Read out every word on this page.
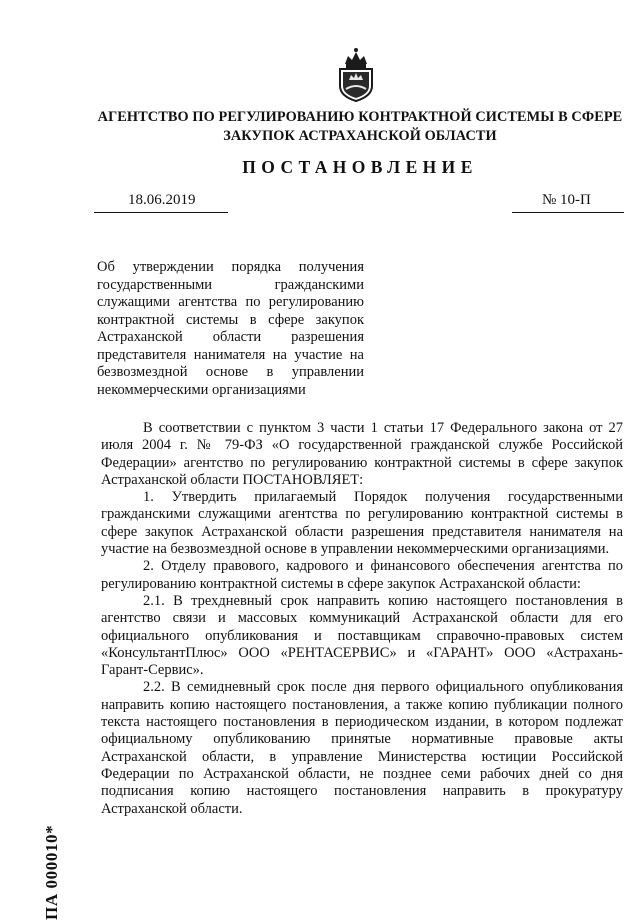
АГЕНТСТВО ПО РЕГУЛИРОВАНИЮ КОНТРАКТНОЙ СИСТЕМЫ В СФЕРЕ
ЗАКУПОК АСТРАХАНСКОЙ ОБЛАСТИ
ПОСТАНОВЛЕНИЕ
18.06.2019	№ 10-П
Об утверждении порядка получения
государственными гражданскими
служащими агентства по регулированию
контрактной системы в сфере закупок
Астраханской области разрешения
представителя нанимателя на участие на
безвозмездной основе в управлении
некоммерческими организациями

В соответствии с пунктом 3 части 1 статьи 17 Федерального закона от 27 июля 2004 г. № 79-ФЗ «О государственной гражданской службе Российской Федерации» агентство по регулированию контрактной системы в сфере закупок Астраханской области ПОСТАНОВЛЯЕТ:

1. Утвердить прилагаемый Порядок получения государственными гражданскими служащими агентства по регулированию контрактной системы в сфере закупок Астраханской области разрешения представителя нанимателя на участие на безвозмездной основе в управлении некоммерческими организациями.

2. Отделу правового, кадрового и финансового обеспечения агентства по регулированию контрактной системы в сфере закупок Астраханской области:

2.1. В трехдневный срок направить копию настоящего постановления в агентство связи и массовых коммуникаций Астраханской области для его официального опубликования и поставщикам справочно-правовых систем «КонсультантПлюс» ООО «РЕНТАСЕРВИС» и «ГАРАНТ» ООО «Астрахань-Гарант-Сервис».

2.2. В семидневный срок после дня первого официального опубликования направить копию настоящего постановления, а также копию публикации полного текста настоящего постановления в периодическом издании, в котором подлежат официальному опубликованию принятые нормативные правовые акты Астраханской области, в управление Министерства юстиции Российской Федерации по Астраханской области, не позднее семи рабочих дней со дня подписания копию настоящего постановления направить в прокуратуру Астраханской области.

ПА 000010*
